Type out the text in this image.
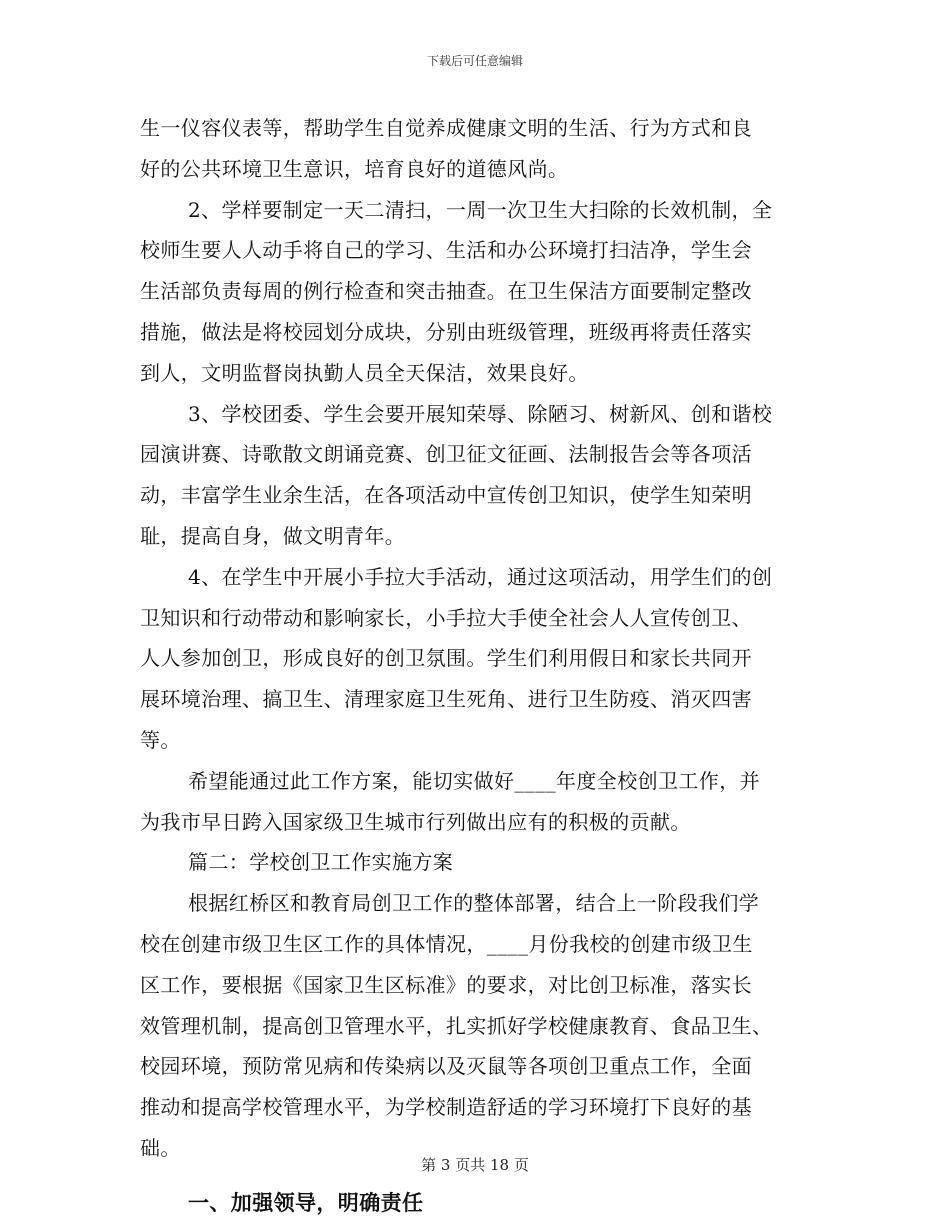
下载后可任意编辑
生一仪容仪表等，帮助学生自觉养成健康文明的生活、行为方式和良
好的公共环境卫生意识，培育良好的道德风尚。
2、学样要制定一天二清扫，一周一次卫生大扫除的长效机制，全
校师生要人人动手将自己的学习、生活和办公环境打扫洁净，学生会
生活部负责每周的例行检查和突击抽查。在卫生保洁方面要制定整改
措施，做法是将校园划分成块，分别由班级管理，班级再将责任落实
到人，文明监督岗执勤人员全天保洁，效果良好。
3、学校团委、学生会要开展知荣辱、除陋习、树新风、创和谐校
园演讲赛、诗歌散文朗诵竞赛、创卫征文征画、法制报告会等各项活
动，丰富学生业余生活，在各项活动中宣传创卫知识，使学生知荣明
耻，提高自身，做文明青年。
4、在学生中开展小手拉大手活动，通过这项活动，用学生们的创
卫知识和行动带动和影响家长，小手拉大手使全社会人人宣传创卫、
人人参加创卫，形成良好的创卫氛围。学生们利用假日和家长共同开
展环境治理、搞卫生、清理家庭卫生死角、进行卫生防疫、消灭四害
等。
希望能通过此工作方案，能切实做好____年度全校创卫工作，并
为我市早日跨入国家级卫生城市行列做出应有的积极的贡献。
篇二：学校创卫工作实施方案
根据红桥区和教育局创卫工作的整体部署，结合上一阶段我们学
校在创建市级卫生区工作的具体情况，____月份我校的创建市级卫生
区工作，要根据《国家卫生区标准》的要求，对比创卫标准，落实长
效管理机制，提高创卫管理水平，扎实抓好学校健康教育、食品卫生、
校园环境，预防常见病和传染病以及灭鼠等各项创卫重点工作，全面
推动和提高学校管理水平，为学校制造舒适的学习环境打下良好的基
础。
一、加强领导，明确责任
第 3 页共 18 页
